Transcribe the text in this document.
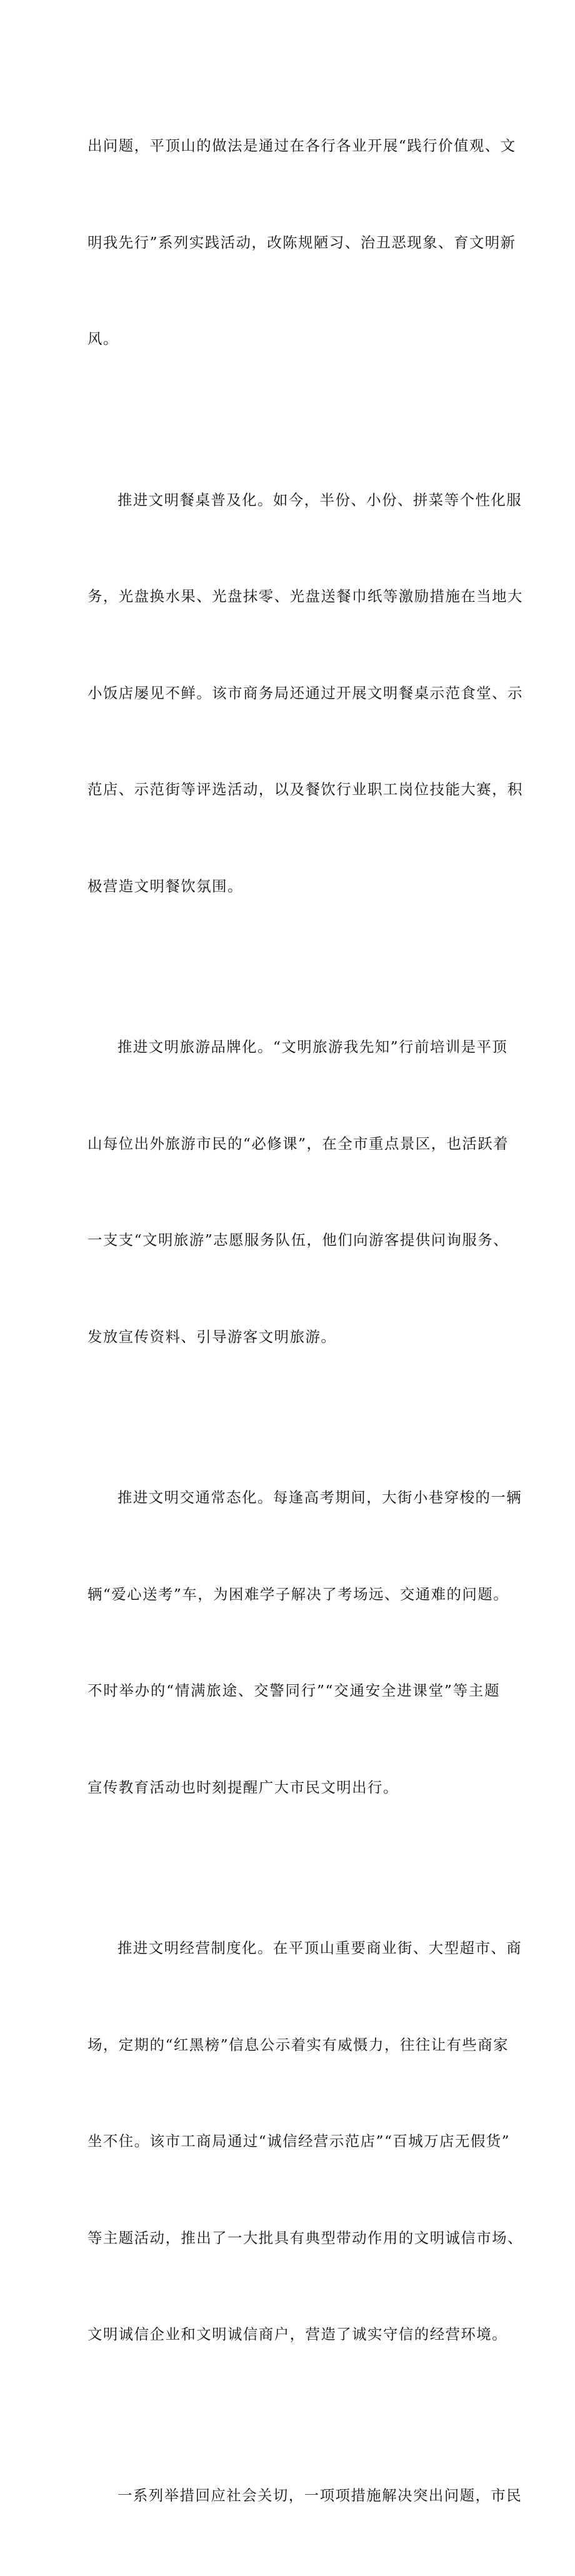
出问题，平顶山的做法是通过在各行各业开展“践行价值观、文

明我先行”系列实践活动，改陈规陋习、治丑恶现象、育文明新

风。

推进文明餐桌普及化。如今，半份、小份、拼菜等个性化服

务，光盘换水果、光盘抹零、光盘送餐巾纸等激励措施在当地大

小饭店屡见不鲜。该市商务局还通过开展文明餐桌示范食堂、示

范店、示范街等评选活动，以及餐饮行业职工岗位技能大赛，积

极营造文明餐饮氛围。

推进文明旅游品牌化。“文明旅游我先知”行前培训是平顶

山每位出外旅游市民的“必修课”，在全市重点景区，也活跃着

一支支“文明旅游”志愿服务队伍，他们向游客提供问询服务、

发放宣传资料、引导游客文明旅游。

推进文明交通常态化。每逢高考期间，大街小巷穿梭的一辆

辆“爱心送考”车，为困难学子解决了考场远、交通难的问题。

不时举办的“情满旅途、交警同行”“交通安全进课堂”等主题

宣传教育活动也时刻提醒广大市民文明出行。

推进文明经营制度化。在平顶山重要商业街、大型超市、商

场，定期的“红黑榜”信息公示着实有威慑力，往往让有些商家

坐不住。该市工商局通过“诚信经营示范店”“百城万店无假货”

等主题活动，推出了一大批具有典型带动作用的文明诚信市场、

文明诚信企业和文明诚信商户，营造了诚实守信的经营环境。

一系列举措回应社会关切，一项项措施解决突出问题，市民
